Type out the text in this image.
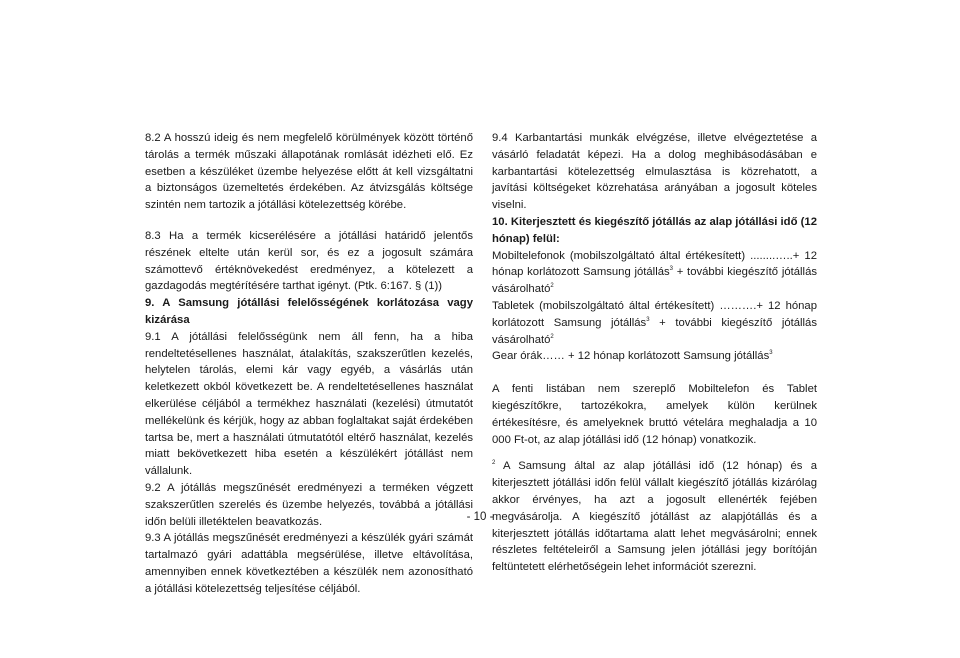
8.2 A hosszú ideig és nem megfelelő körülmények között történő tárolás a termék műszaki állapotának romlását idézheti elő. Ez esetben a készüléket üzembe helyezése előtt át kell vizsgáltatni a biztonságos üzemeltetés érdekében. Az átvizsgálás költsége szintén nem tartozik a jótállási kötelezettség körébe.

8.3 Ha a termék kicserélésére a jótállási határidő jelentős részének eltelte után kerül sor, és ez a jogosult számára számottevő értéknövekedést eredményez, a kötelezett a gazdagodás megtérítésére tarthat igényt. (Ptk. 6:167. § (1))

9. A Samsung jótállási felelősségének korlátozása vagy kizárása

9.1 A jótállási felelősségünk nem áll fenn, ha a hiba rendeltetésellenes használat, átalakítás, szakszerűtlen kezelés, helytelen tárolás, elemi kár vagy egyéb, a vásárlás után keletkezett okból következett be. A rendeltetésellenes használat elkerülése céljából a termékhez használati (kezelési) útmutatót mellékelünk és kérjük, hogy az abban foglaltakat saját érdekében tartsa be, mert a használati útmutatótól eltérő használat, kezelés miatt bekövetkezett hiba esetén a készülékért jótállást nem vállalunk.

9.2 A jótállás megszűnését eredményezi a terméken végzett szakszerűtlen szerelés és üzembe helyezés, továbbá a jótállási időn belüli illetéktelen beavatkozás.

9.3 A jótállás megszűnését eredményezi a készülék gyári számát tartalmazó gyári adattábla megsérülése, illetve eltávolítása, amennyiben ennek következtében a készülék nem azonosítható a jótállási kötelezettség teljesítése céljából.

9.4 Karbantartási munkák elvégzése, illetve elvégeztetése a vásárló feladatát képezi. Ha a dolog meghibásodásában e karbantartási kötelezettség elmulasztása is közrehatott, a javítási költségeket közrehatása arányában a jogosult köteles viselni.

10. Kiterjesztett és kiegészítő jótállás az alap jótállási idő (12 hónap) felül:

Mobiltelefonok (mobilszolgáltató által értékesített) ........…..+ 12 hónap korlátozott Samsung jótállás$^3$ + további kiegészítő jótállás vásárolható$^2$

Tabletek (mobilszolgáltató által értékesített) ……….+ 12 hónap korlátozott Samsung jótállás$^3$ + további kiegészítő jótállás vásárolható$^2$

Gear órák…… + 12 hónap korlátozott Samsung jótállás$^3$

A fenti listában nem szereplő Mobiltelefon és Tablet kiegészítőkre, tartozékokra, amelyek külön kerülnek értékesítésre, és amelyeknek bruttó vételára meghaladja a 10 000 Ft-ot, az alap jótállási idő (12 hónap) vonatkozik.

$^2$ A Samsung által az alap jótállási idő (12 hónap) és a kiterjesztett jótállási időn felül vállalt kiegészítő jótállás kizárólag akkor érvényes, ha azt a jogosult ellenérték fejében megvásárolja. A kiegészítő jótállást az alapjótállás és a kiterjesztett jótállás időtartama alatt lehet megvásárolni; ennek részletes feltételeiről a Samsung jelen jótállási jegy borítóján feltüntetett elérhetőségein lehet információt szerezni.

- 10 -
